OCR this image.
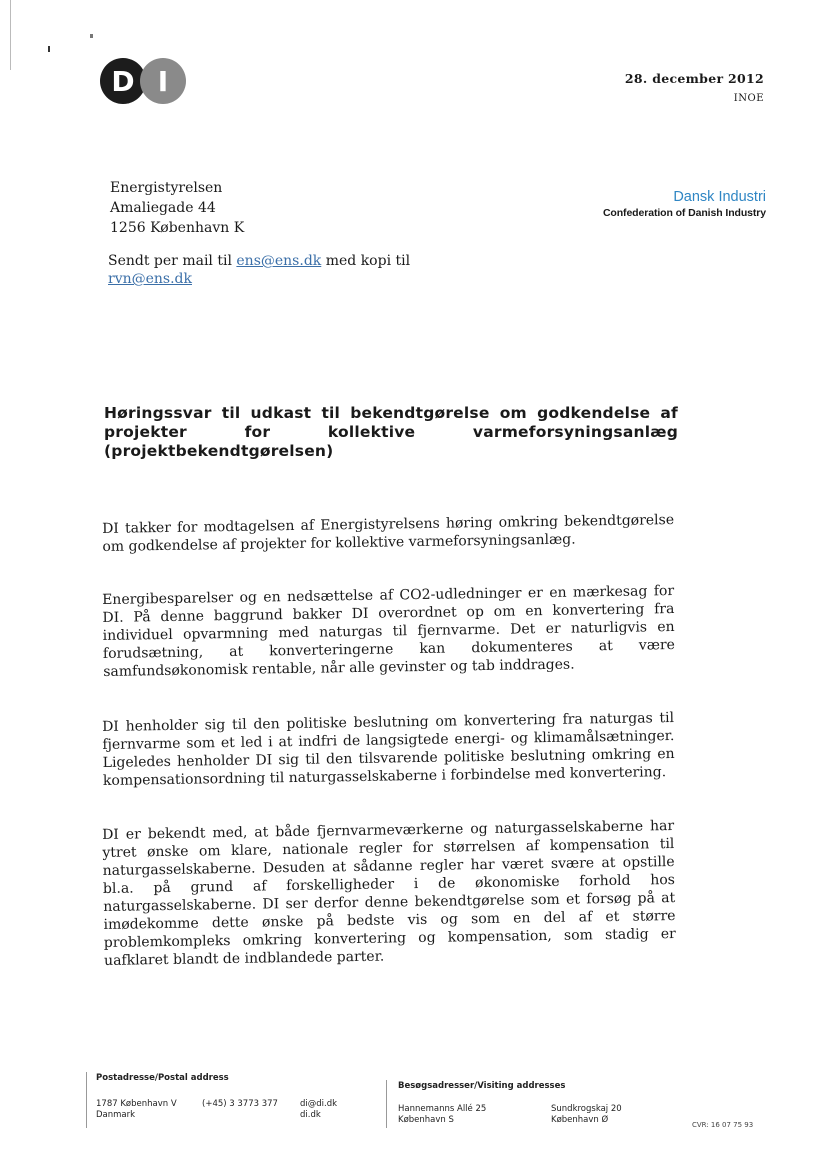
D I	28. december 2012
INOE
Energistyrelsen
Amaliegade 44
1256 København K
Dansk Industri
Confederation of Danish Industry
Sendt per mail til ens@ens.dk med kopi til
rvn@ens.dk
Høringssvar til udkast til bekendtgørelse om godkendelse af projekter for kollektive varmeforsyningsanlæg (projektbekendtgørelsen)
DI takker for modtagelsen af Energistyrelsens høring omkring bekendtgørelse om godkendelse af projekter for kollektive varmeforsyningsanlæg.
Energibesparelser og en nedsættelse af CO2-udledninger er en mærkesag for DI. På denne baggrund bakker DI overordnet op om en konvertering fra individuel opvarmning med naturgas til fjernvarme. Det er naturligvis en forudsætning, at konverteringerne kan dokumenteres at være samfundsøkonomisk rentable, når alle gevinster og tab inddrages.
DI henholder sig til den politiske beslutning om konvertering fra naturgas til fjernvarme som et led i at indfri de langsigtede energi- og klimamålsætninger. Ligeledes henholder DI sig til den tilsvarende politiske beslutning omkring en kompensationsordning til naturgasselskaberne i forbindelse med konvertering.
DI er bekendt med, at både fjernvarmeværkerne og naturgasselskaberne har ytret ønske om klare, nationale regler for størrelsen af kompensation til naturgasselskaberne. Desuden at sådanne regler har været svære at opstille bl.a. på grund af forskelligheder i de økonomiske forhold hos naturgasselskaberne. DI ser derfor denne bekendtgørelse som et forsøg på at imødekomme dette ønske på bedste vis og som en del af et større problemkompleks omkring konvertering og kompensation, som stadig er uafklaret blandt de indblandede parter.
Postadresse/Postal address
Besøgsadresser/Visiting addresses
1787 København V
Danmark
(+45) 3 3773 377	di@di.dk
di.dk
Hannemanns Allé 25
København S
Sundkrogskaj 20
København Ø	CVR: 16 07 75 93
